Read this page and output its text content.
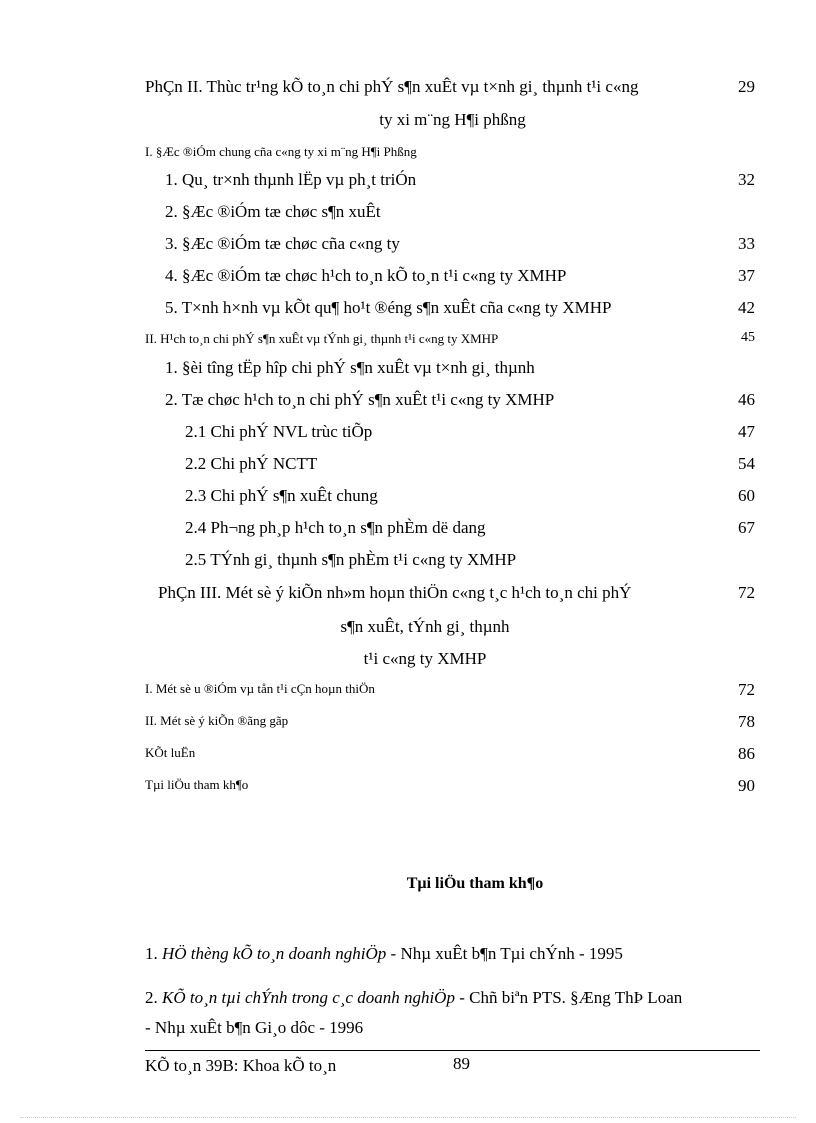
PhÇn II. Thùc tr¹ng kÕ to¸n chi phÝ s¶n xuÊt vµ t×nh gi¸ thµnh t¹i c«ng	29
ty xi m¨ng H¶i phßng
I. §Æc ®iÓm chung cña c«ng ty xi m¨ng H¶i Phßng
1. Qu¸ tr×nh thµnh lËp vµ ph¸t triÓn	32
2. §Æc ®iÓm tæ chøc s¶n xuÊt
3. §Æc ®iÓm tæ chøc cña c«ng ty	33
4. §Æc ®iÓm tæ chøc h¹ch to¸n kÕ to¸n t¹i c«ng ty XMHP	37
5. T×nh h×nh vµ kÕt qu¶ ho¹t ®éng s¶n xuÊt cña c«ng ty XMHP	42
II. H¹ch to¸n chi phÝ s¶n xuÊt vµ tÝnh gi¸ thµnh t¹i c«ng ty XMHP	45
1. §èi tîng tËp hîp chi phÝ s¶n xuÊt vµ t×nh gi¸ thµnh
2. Tæ chøc h¹ch to¸n chi phÝ s¶n xuÊt t¹i c«ng ty XMHP	46
2.1 Chi phÝ NVL trùc tiÕp	47
2.2 Chi phÝ NCTT	54
2.3 Chi phÝ s¶n xuÊt chung	60
2.4 Ph¬ng ph¸p h¹ch to¸n s¶n phÈm dë dang	67
2.5 TÝnh gi¸ thµnh s¶n phÈm t¹i c«ng ty XMHP
PhÇn III. Mét sè ý kiÕn nh»m hoµn thiÖn c«ng t¸c h¹ch to¸n chi phÝ	72
s¶n xuÊt, tÝnh gi¸ thµnh
t¹i c«ng ty XMHP
I. Mét sè u ®iÓm vµ tån t¹i cÇn hoµn thiÖn	72
II. Mét sè ý kiÕn ®ãng gãp	78
KÕt luËn	86
Tµi liÖu tham kh¶o	90
Tµi liÖu tham kh¶o
1. HÖ thèng kÕ to¸n doanh nghiÖp - Nhµ xuÊt b¶n Tµi chÝnh - 1995
2. KÕ to¸n tµi chÝnh trong c¸c doanh nghiÖp - Chñ biªn PTS. §Æng ThÞ Loan
- Nhµ xuÊt b¶n Gi¸o dôc - 1996
KÕ to¸n 39B: Khoa kÕ to¸n	89
